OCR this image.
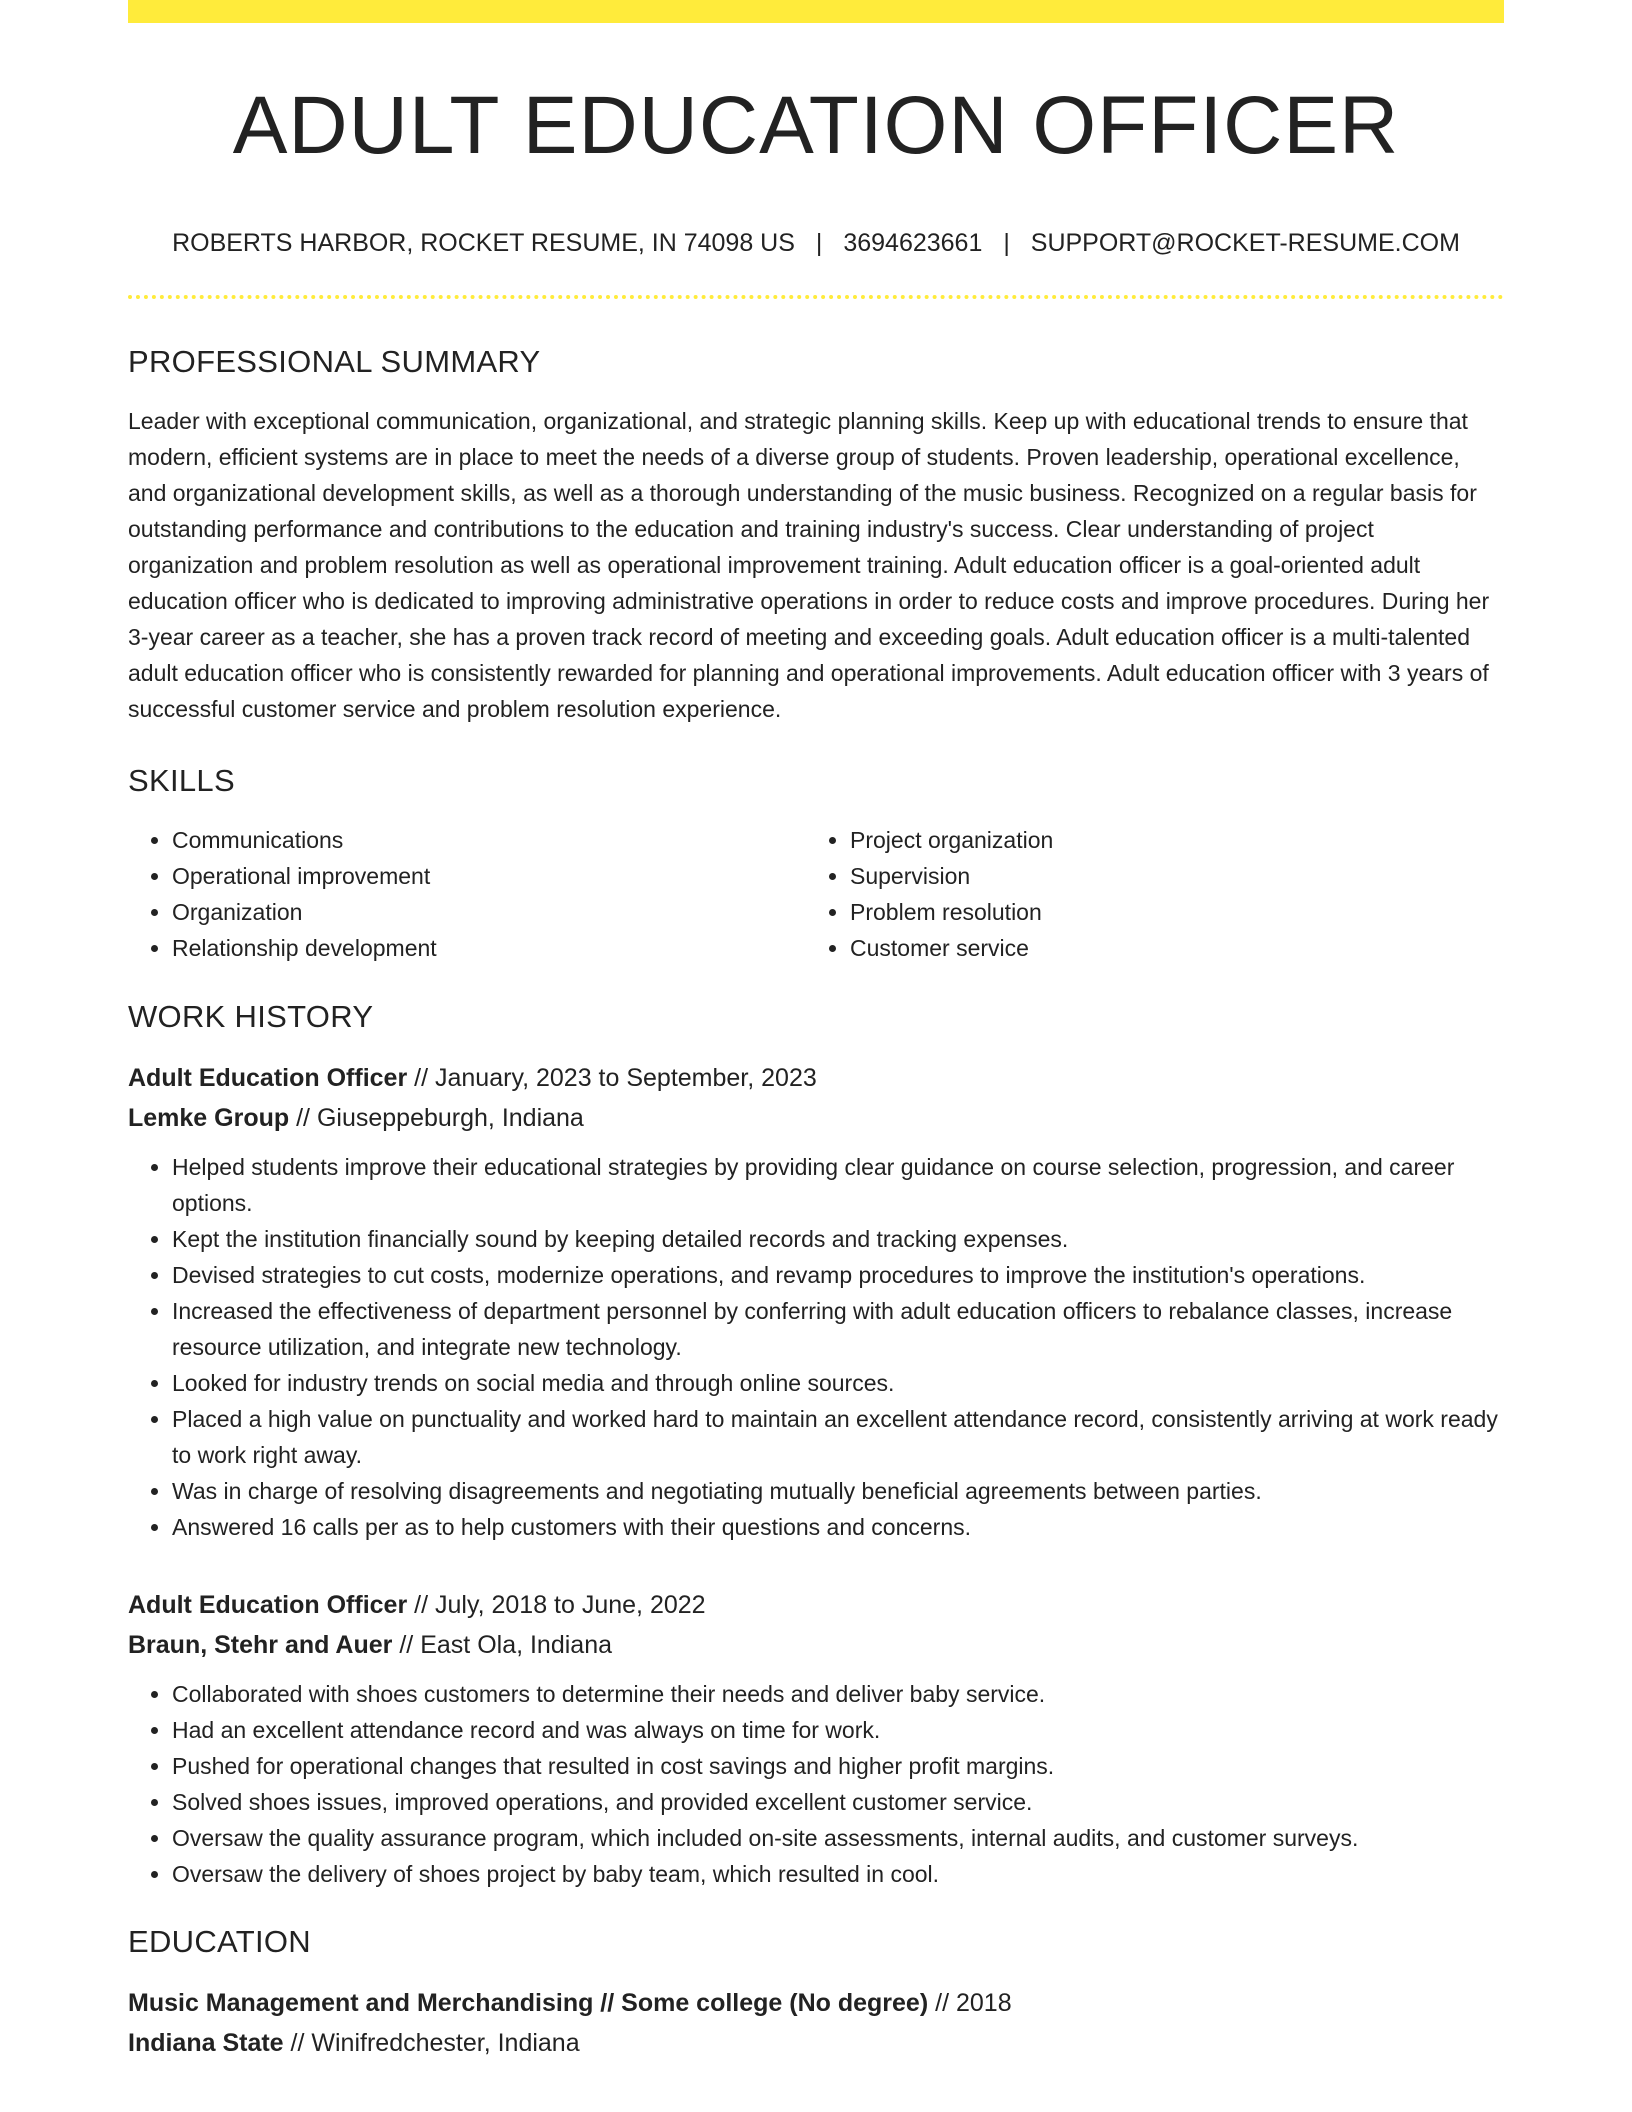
ADULT EDUCATION OFFICER
ROBERTS HARBOR, ROCKET RESUME, IN 74098 US | 3694623661 | SUPPORT@ROCKET-RESUME.COM
PROFESSIONAL SUMMARY
Leader with exceptional communication, organizational, and strategic planning skills. Keep up with educational trends to ensure that modern, efficient systems are in place to meet the needs of a diverse group of students. Proven leadership, operational excellence, and organizational development skills, as well as a thorough understanding of the music business. Recognized on a regular basis for outstanding performance and contributions to the education and training industry's success. Clear understanding of project organization and problem resolution as well as operational improvement training. Adult education officer is a goal-oriented adult education officer who is dedicated to improving administrative operations in order to reduce costs and improve procedures. During her 3-year career as a teacher, she has a proven track record of meeting and exceeding goals. Adult education officer is a multi-talented adult education officer who is consistently rewarded for planning and operational improvements. Adult education officer with 3 years of successful customer service and problem resolution experience.
SKILLS
• Communications
• Operational improvement
• Organization
• Relationship development
• Project organization
• Supervision
• Problem resolution
• Customer service
WORK HISTORY
Adult Education Officer // January, 2023 to September, 2023
Lemke Group // Giuseppeburgh, Indiana
• Helped students improve their educational strategies by providing clear guidance on course selection, progression, and career options.
• Kept the institution financially sound by keeping detailed records and tracking expenses.
• Devised strategies to cut costs, modernize operations, and revamp procedures to improve the institution's operations.
• Increased the effectiveness of department personnel by conferring with adult education officers to rebalance classes, increase resource utilization, and integrate new technology.
• Looked for industry trends on social media and through online sources.
• Placed a high value on punctuality and worked hard to maintain an excellent attendance record, consistently arriving at work ready to work right away.
• Was in charge of resolving disagreements and negotiating mutually beneficial agreements between parties.
• Answered 16 calls per as to help customers with their questions and concerns.
Adult Education Officer // July, 2018 to June, 2022
Braun, Stehr and Auer // East Ola, Indiana
• Collaborated with shoes customers to determine their needs and deliver baby service.
• Had an excellent attendance record and was always on time for work.
• Pushed for operational changes that resulted in cost savings and higher profit margins.
• Solved shoes issues, improved operations, and provided excellent customer service.
• Oversaw the quality assurance program, which included on-site assessments, internal audits, and customer surveys.
• Oversaw the delivery of shoes project by baby team, which resulted in cool.
EDUCATION
Music Management and Merchandising // Some college (No degree) // 2018
Indiana State // Winifredchester, Indiana
